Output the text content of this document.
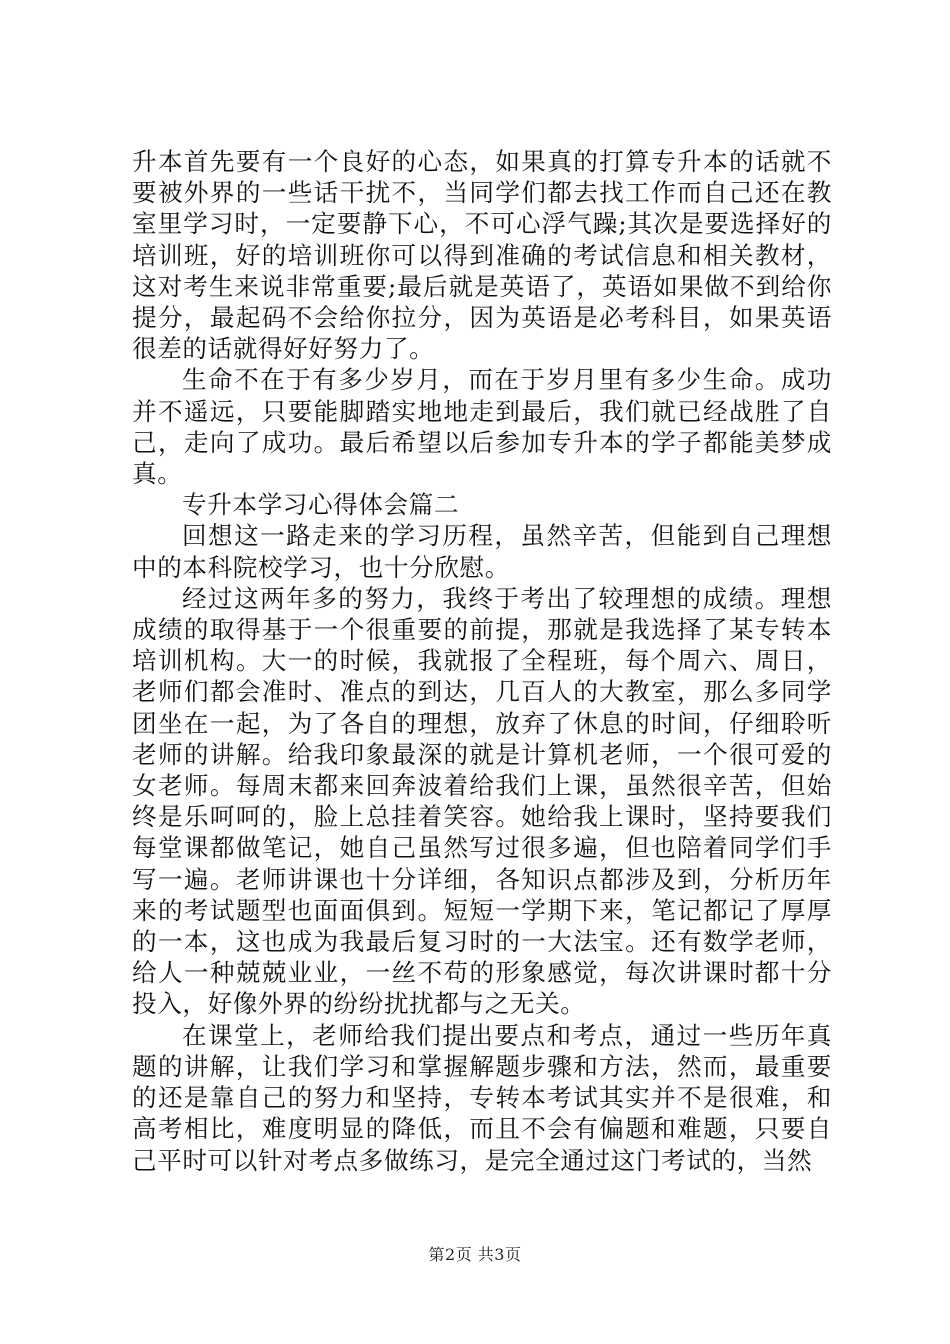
升本首先要有一个良好的心态，如果真的打算专升本的话就不要被外界的一些话干扰不，当同学们都去找工作而自己还在教室里学习时，一定要静下心，不可心浮气躁;其次是要选择好的培训班，好的培训班你可以得到准确的考试信息和相关教材，这对考生来说非常重要;最后就是英语了，英语如果做不到给你提分，最起码不会给你拉分，因为英语是必考科目，如果英语很差的话就得好好努力了。

生命不在于有多少岁月，而在于岁月里有多少生命。成功并不遥远，只要能脚踏实地地走到最后，我们就已经战胜了自己，走向了成功。最后希望以后参加专升本的学子都能美梦成真。

专升本学习心得体会篇二

回想这一路走来的学习历程，虽然辛苦，但能到自己理想中的本科院校学习，也十分欣慰。

经过这两年多的努力，我终于考出了较理想的成绩。理想成绩的取得基于一个很重要的前提，那就是我选择了某专转本培训机构。大一的时候，我就报了全程班，每个周六、周日，老师们都会准时、准点的到达，几百人的大教室，那么多同学团坐在一起，为了各自的理想，放弃了休息的时间，仔细聆听老师的讲解。给我印象最深的就是计算机老师，一个很可爱的女老师。每周末都来回奔波着给我们上课，虽然很辛苦，但始终是乐呵呵的，脸上总挂着笑容。她给我上课时，坚持要我们每堂课都做笔记，她自己虽然写过很多遍，但也陪着同学们手写一遍。老师讲课也十分详细，各知识点都涉及到，分析历年来的考试题型也面面俱到。短短一学期下来，笔记都记了厚厚的一本，这也成为我最后复习时的一大法宝。还有数学老师，给人一种兢兢业业，一丝不苟的形象感觉，每次讲课时都十分投入，好像外界的纷纷扰扰都与之无关。

在课堂上，老师给我们提出要点和考点，通过一些历年真题的讲解，让我们学习和掌握解题步骤和方法，然而，最重要的还是靠自己的努力和坚持，专转本考试其实并不是很难，和高考相比，难度明显的降低，而且不会有偏题和难题，只要自己平时可以针对考点多做练习，是完全通过这门考试的，当然

第2页 共3页
